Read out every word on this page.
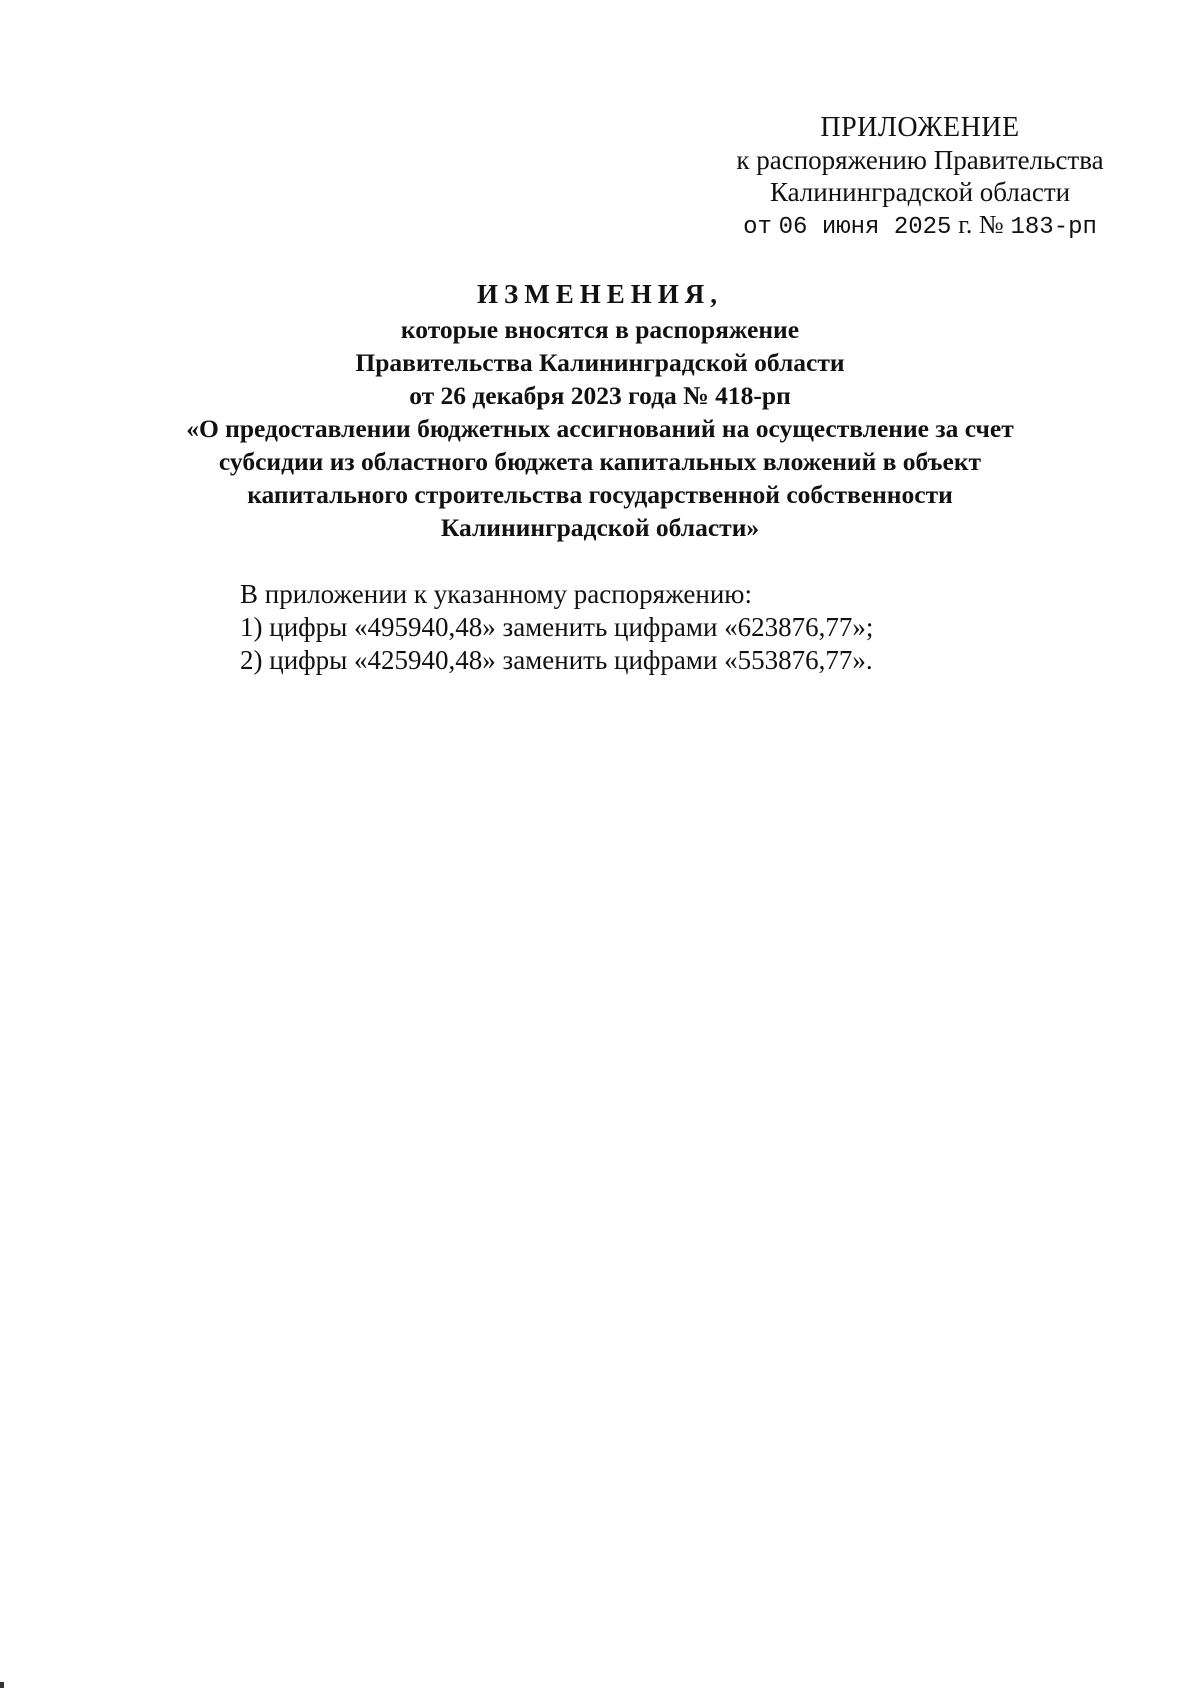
ПРИЛОЖЕНИЕ
к распоряжению Правительства
Калининградской области
от 06 июня 2025 г. № 183-рп
ИЗМЕНЕНИЯ,
которые вносятся в распоряжение
Правительства Калининградской области
от 26 декабря 2023 года № 418-рп
«О предоставлении бюджетных ассигнований на осуществление за счет
субсидии из областного бюджета капитальных вложений в объект
капитального строительства государственной собственности
Калининградской области»
В приложении к указанному распоряжению:
1) цифры «495940,48» заменить цифрами «623876,77»;
2) цифры «425940,48» заменить цифрами «553876,77».
